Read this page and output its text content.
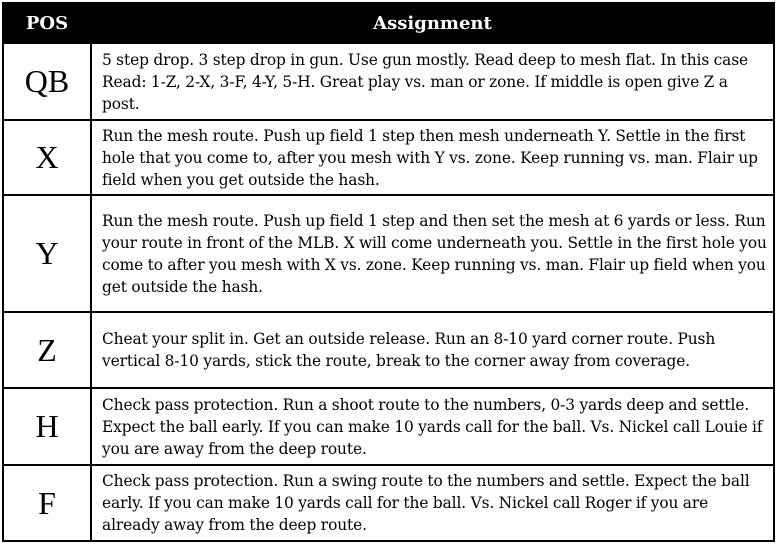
POS	Assignment
QB	5 step drop. 3 step drop in gun. Use gun mostly. Read deep to mesh flat. In this case Read: 1-Z, 2-X, 3-F, 4-Y, 5-H. Great play vs. man or zone. If middle is open give Z a post.

X	Run the mesh route. Push up field 1 step then mesh underneath Y. Settle in the first hole that you come to, after you mesh with Y vs. zone. Keep running vs. man. Flair up field when you get outside the hash.

Y	Run the mesh route. Push up field 1 step and then set the mesh at 6 yards or less. Run your route in front of the MLB. X will come underneath you. Settle in the first hole you come to after you mesh with X vs. zone. Keep running vs. man. Flair up field when you get outside the hash.

Z	Cheat your split in. Get an outside release. Run an 8-10 yard corner route. Push vertical 8-10 yards, stick the route, break to the corner away from coverage.

H	Check pass protection. Run a shoot route to the numbers, 0-3 yards deep and settle. Expect the ball early. If you can make 10 yards call for the ball. Vs. Nickel call Louie if you are away from the deep route.

F	Check pass protection. Run a swing route to the numbers and settle. Expect the ball early. If you can make 10 yards call for the ball. Vs. Nickel call Roger if you are already away from the deep route.
